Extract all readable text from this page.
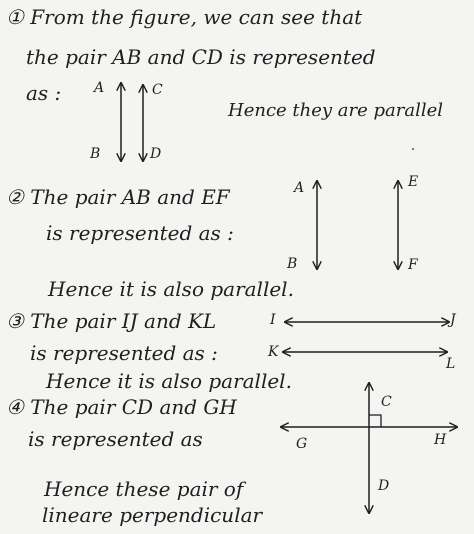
① From the figure, we can see that
the pair AB and CD is represented
as : A	C
B	D
Hence they are parallel
② The pair AB and EF
is represented as :
A	E
B	F
Hence it is also parallel.
③ The pair IJ and KL
is represented as :
I	J
K
L
Hence it is also parallel.
④ The pair CD and GH
is represented as
C
G	H
D
Hence these pair of
lineare perpendicular
